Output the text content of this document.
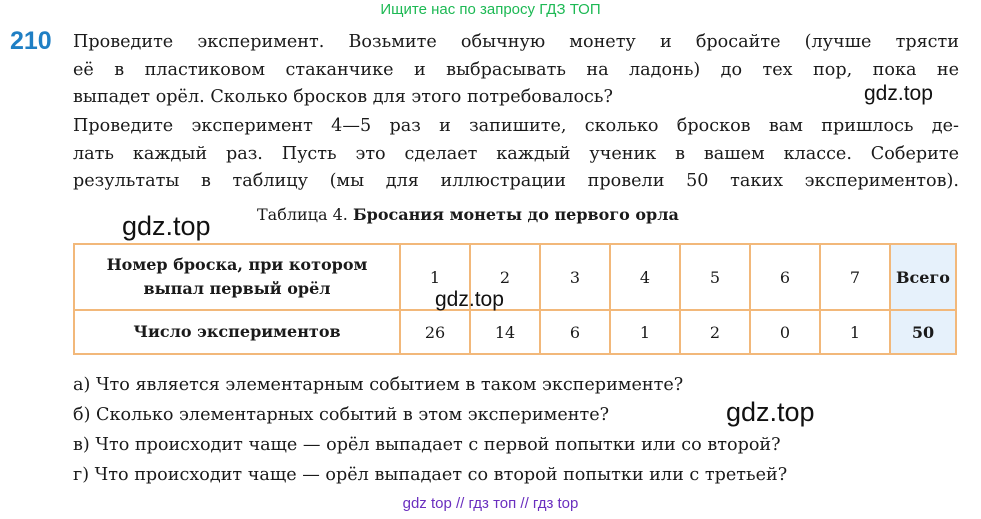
Ищите нас по запросу ГДЗ ТОП
210 Проведите эксперимент. Возьмите обычную монету и бросайте (лучше трясти
её в пластиковом стаканчике и выбрасывать на ладонь) до тех пор, пока не
выпадет орёл. Сколько бросков для этого потребовалось?	gdz.top

Проведите эксперимент 4—5 раз и запишите, сколько бросков вам пришлось де-
лать каждый раз. Пусть это сделает каждый ученик в вашем классе. Соберите
результаты в таблицу (мы для иллюстрации провели 50 таких экспериментов).

gdz.top	Таблица 4. Бросания монеты до первого орла
Номер броска, при котором
выпал первый орёл	1	2	3	4	5	6	7	Всего
Число экспериментов	26	14	6	1	2	0	1	50
gdz.top
а) Что является элементарным событием в таком эксперименте?
б) Сколько элементарных событий в этом эксперименте?	gdz.top
в) Что происходит чаще — орёл выпадает с первой попытки или со второй?
г) Что происходит чаще — орёл выпадает со второй попытки или с третьей?
gdz top // гдз топ // гдз top
